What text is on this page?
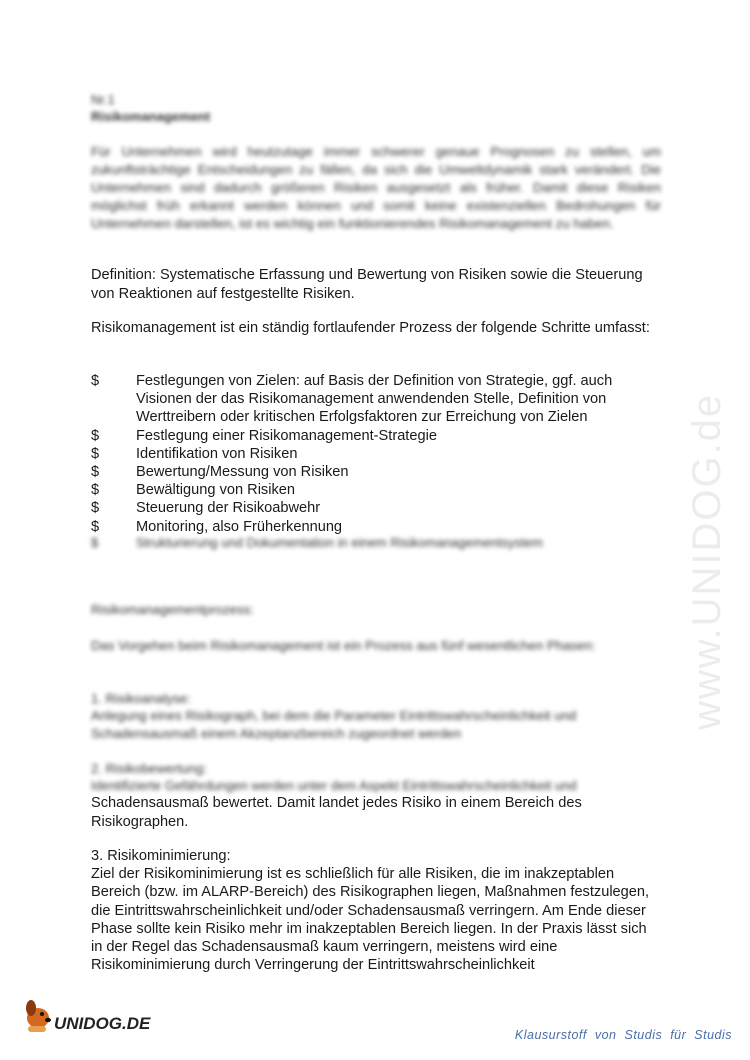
Nr.1
Risikomanagement

Für Unternehmen wird heutzutage immer schwerer genaue Prognosen zu stellen, um zukunftsträchtige Entscheidungen zu fällen, da sich die Umweltdynamik stark verändert. Die Unternehmen sind dadurch größeren Risiken ausgesetzt als früher. Damit diese Risiken möglichst früh erkannt werden können und somit keine existenziellen Bedrohungen für Unternehmen darstellen, ist es wichtig ein funktionierendes Risikomanagement zu haben.

Definition: Systematische Erfassung und Bewertung von Risiken sowie die Steuerung von Reaktionen auf festgestellte Risiken.

Risikomanagement ist ein ständig fortlaufender Prozess der folgende Schritte umfasst:

$	Festlegungen von Zielen: auf Basis der Definition von Strategie, ggf. auch Visionen der das Risikomanagement anwendenden Stelle, Definition von Werttreibern oder kritischen Erfolgsfaktoren zur Erreichung von Zielen
$	Festlegung einer Risikomanagement-Strategie
$	Identifikation von Risiken
$	Bewertung/Messung von Risiken
$	Bewältigung von Risiken
$	Steuerung der Risikoabwehr
$	Monitoring, also Früherkennung
$	Strukturierung und Dokumentation in einem Risikomanagementsystem
Risikomanagementprozess:
Das Vorgehen beim Risikomanagement ist ein Prozess aus fünf wesentlichen Phasen:
1. Risikoanalyse:
Anlegung eines Risikograph, bei dem die Parameter Eintrittswahrscheinlichkeit und Schadensausmaß einem Akzeptanzbereich zugeordnet werden
2. Risikobewertung:
Identifizierte Gefährdungen werden unter dem Aspekt Eintrittswahrscheinlichkeit und
Schadensausmaß bewertet. Damit landet jedes Risiko in einem Bereich des Risikographen.
3. Risikominimierung:
Ziel der Risikominimierung ist es schließlich für alle Risiken, die im inakzeptablen Bereich (bzw. im ALARP-Bereich) des Risikographen liegen, Maßnahmen festzulegen, die Eintrittswahrscheinlichkeit und/oder Schadensausmaß verringern. Am Ende dieser Phase sollte kein Risiko mehr im inakzeptablen Bereich liegen. In der Praxis lässt sich in der Regel das Schadensausmaß kaum verringern, meistens wird eine Risikominimierung durch Verringerung der Eintrittswahrscheinlichkeit
www.UNIDOG.de
UNIDOG.DE
Klausurstoff von Studis für Studis
